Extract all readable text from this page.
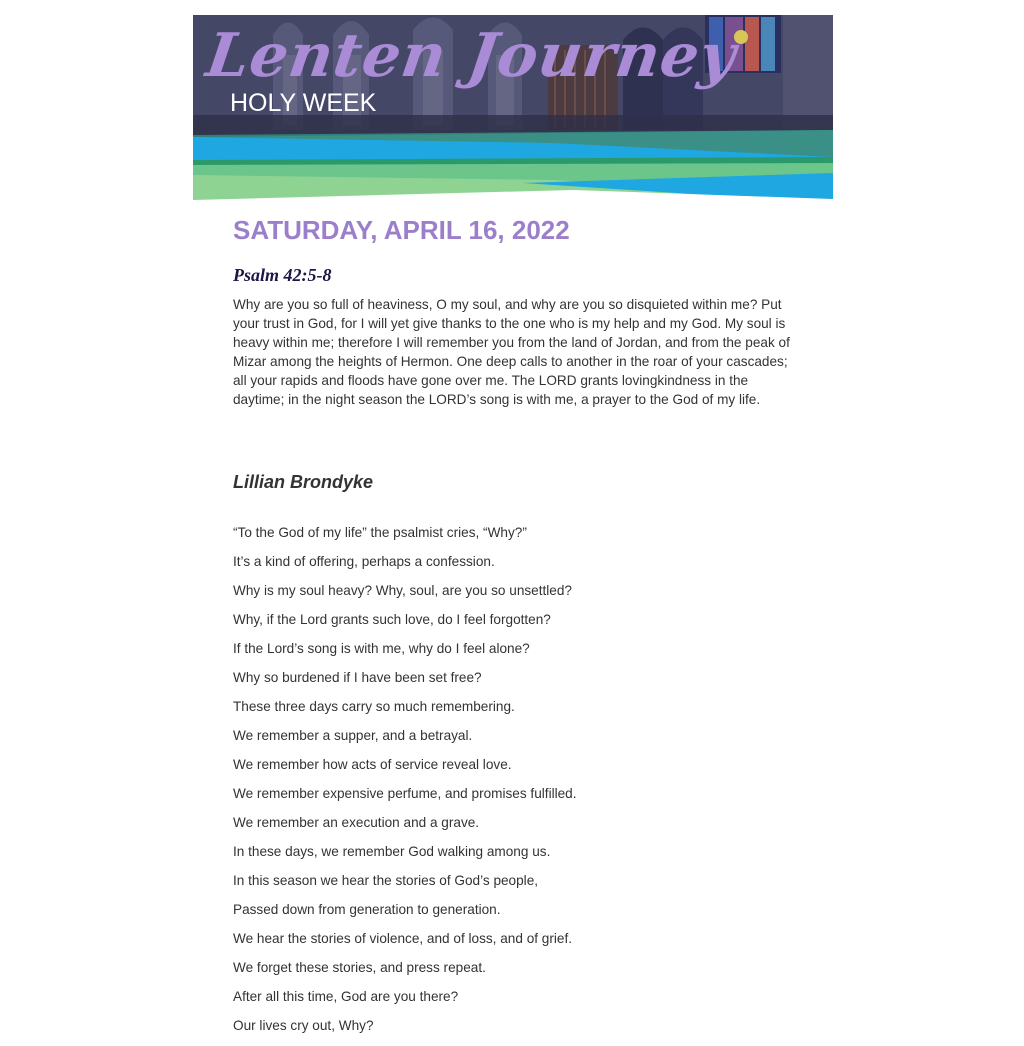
Lenten Journey
HOLY WEEK
SATURDAY, APRIL 16, 2022
Psalm 42:5-8

Why are you so full of heaviness, O my soul, and why are you so disquieted within me? Put your trust in God, for I will yet give thanks to the one who is my help and my God. My soul is heavy within me; therefore I will remember you from the land of Jordan, and from the peak of Mizar among the heights of Hermon. One deep calls to another in the roar of your cascades; all your rapids and floods have gone over me. The LORD grants lovingkindness in the daytime; in the night season the LORD’s song is with me, a prayer to the God of my life.

Lillian Brondyke
“To the God of my life” the psalmist cries, “Why?”
It’s a kind of offering, perhaps a confession.
Why is my soul heavy? Why, soul, are you so unsettled?
Why, if the Lord grants such love, do I feel forgotten?
If the Lord’s song is with me, why do I feel alone?
Why so burdened if I have been set free?
These three days carry so much remembering.
We remember a supper, and a betrayal.
We remember how acts of service reveal love.
We remember expensive perfume, and promises fulfilled.
We remember an execution and a grave.
In these days, we remember God walking among us.
In this season we hear the stories of God’s people,
Passed down from generation to generation.
We hear the stories of violence, and of loss, and of grief.
We forget these stories, and press repeat.
After all this time, God are you there?
Our lives cry out, Why?
